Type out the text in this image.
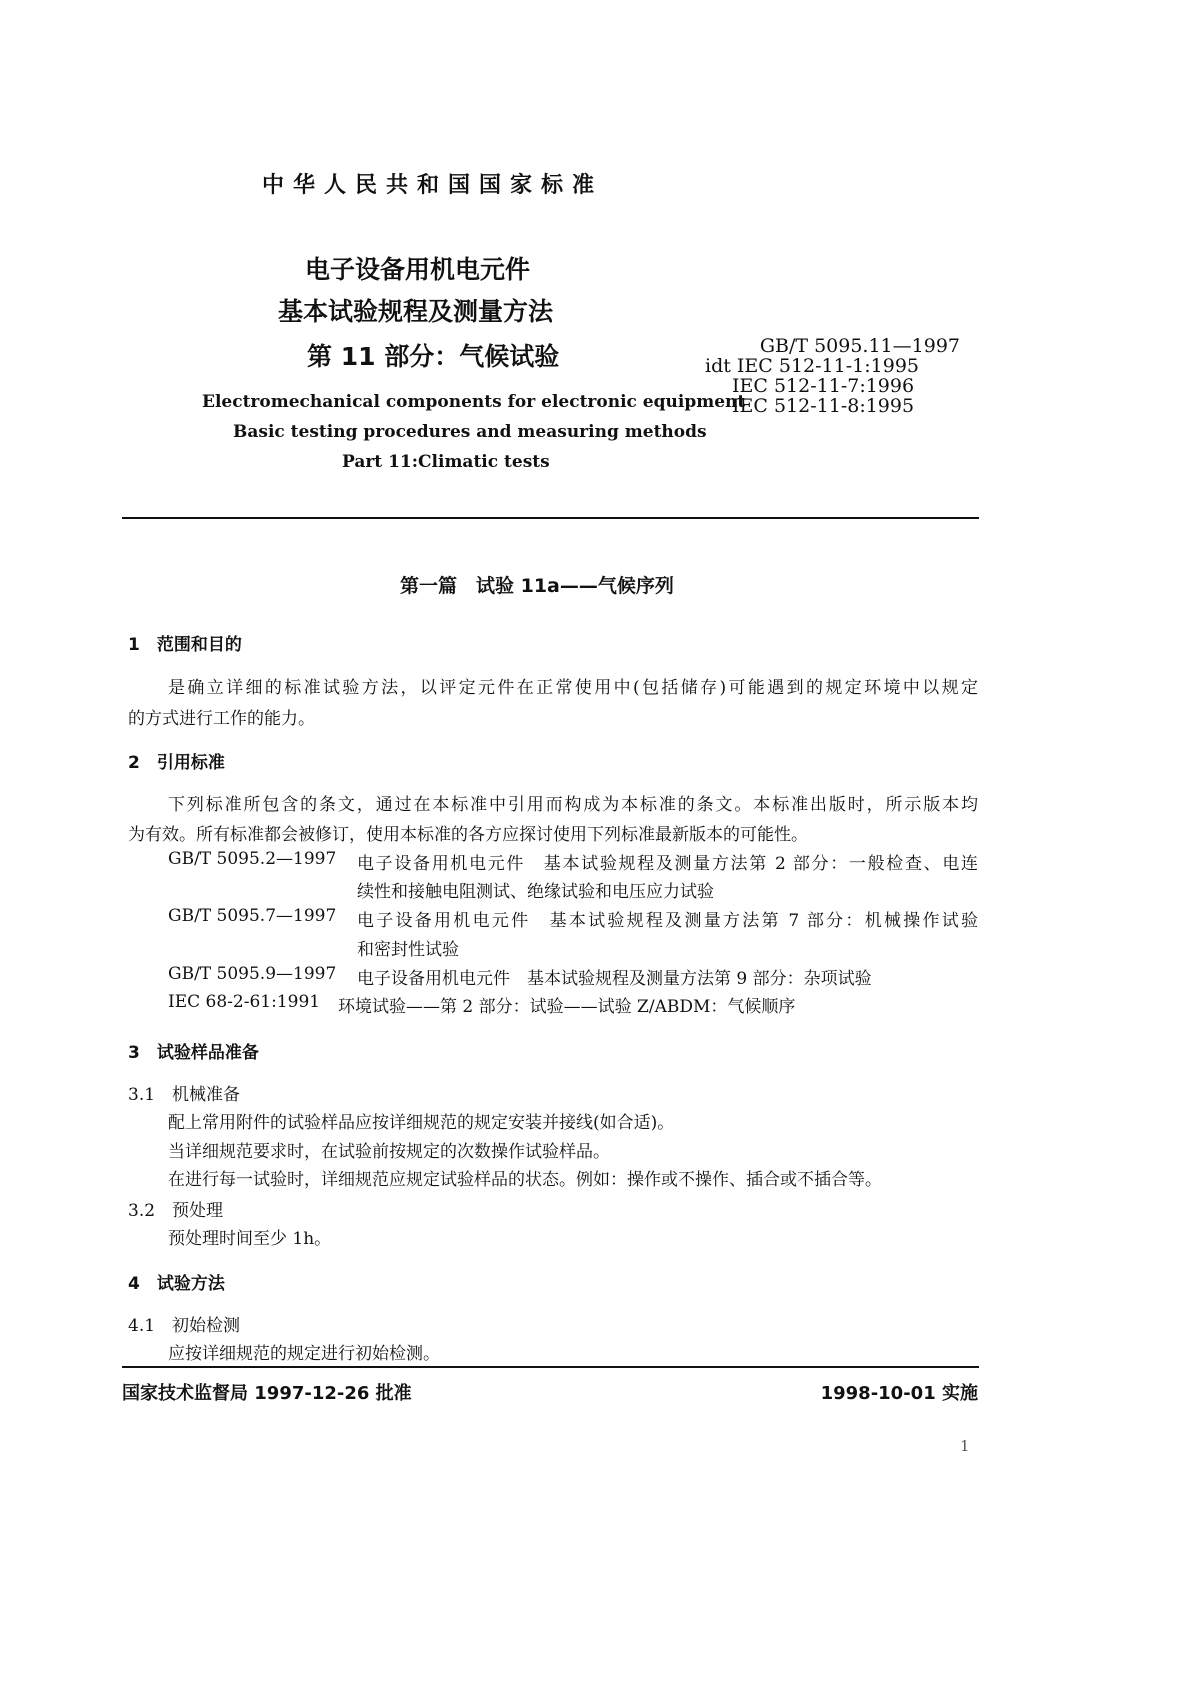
中华人民共和国国家标准
电子设备用机电元件
基本试验规程及测量方法
第 11 部分：气候试验	GB/T 5095.11—1997
idt IEC 512-11-1:1995
IEC 512-11-7:1996
IEC 512-11-8:1995
Electromechanical components for electronic equipment
Basic testing procedures and measuring methods
Part 11:Climatic tests
第一篇　试验 11a——气候序列
1　范围和目的
是确立详细的标准试验方法，以评定元件在正常使用中(包括储存)可能遇到的规定环境中以规定
的方式进行工作的能力。
2　引用标准
下列标准所包含的条文，通过在本标准中引用而构成为本标准的条文。本标准出版时，所示版本均
为有效。所有标准都会被修订，使用本标准的各方应探讨使用下列标准最新版本的可能性。
GB/T 5095.2—1997 电子设备用机电元件　基本试验规程及测量方法第 2 部分：一般检查、电连
续性和接触电阻测试、绝缘试验和电压应力试验
GB/T 5095.7—1997 电子设备用机电元件　基本试验规程及测量方法第 7 部分：机械操作试验
和密封性试验
GB/T 5095.9—1997 电子设备用机电元件　基本试验规程及测量方法第 9 部分：杂项试验
IEC 68-2-61:1991 环境试验——第 2 部分：试验——试验 Z/ABDM：气候顺序
3　试验样品准备
3.1　机械准备
配上常用附件的试验样品应按详细规范的规定安装并接线(如合适)。
当详细规范要求时，在试验前按规定的次数操作试验样品。
在进行每一试验时，详细规范应规定试验样品的状态。例如：操作或不操作、插合或不插合等。
3.2　预处理
预处理时间至少 1h。
4　试验方法
4.1　初始检测
应按详细规范的规定进行初始检测。
国家技术监督局 1997-12-26 批准	1998-10-01 实施
1
